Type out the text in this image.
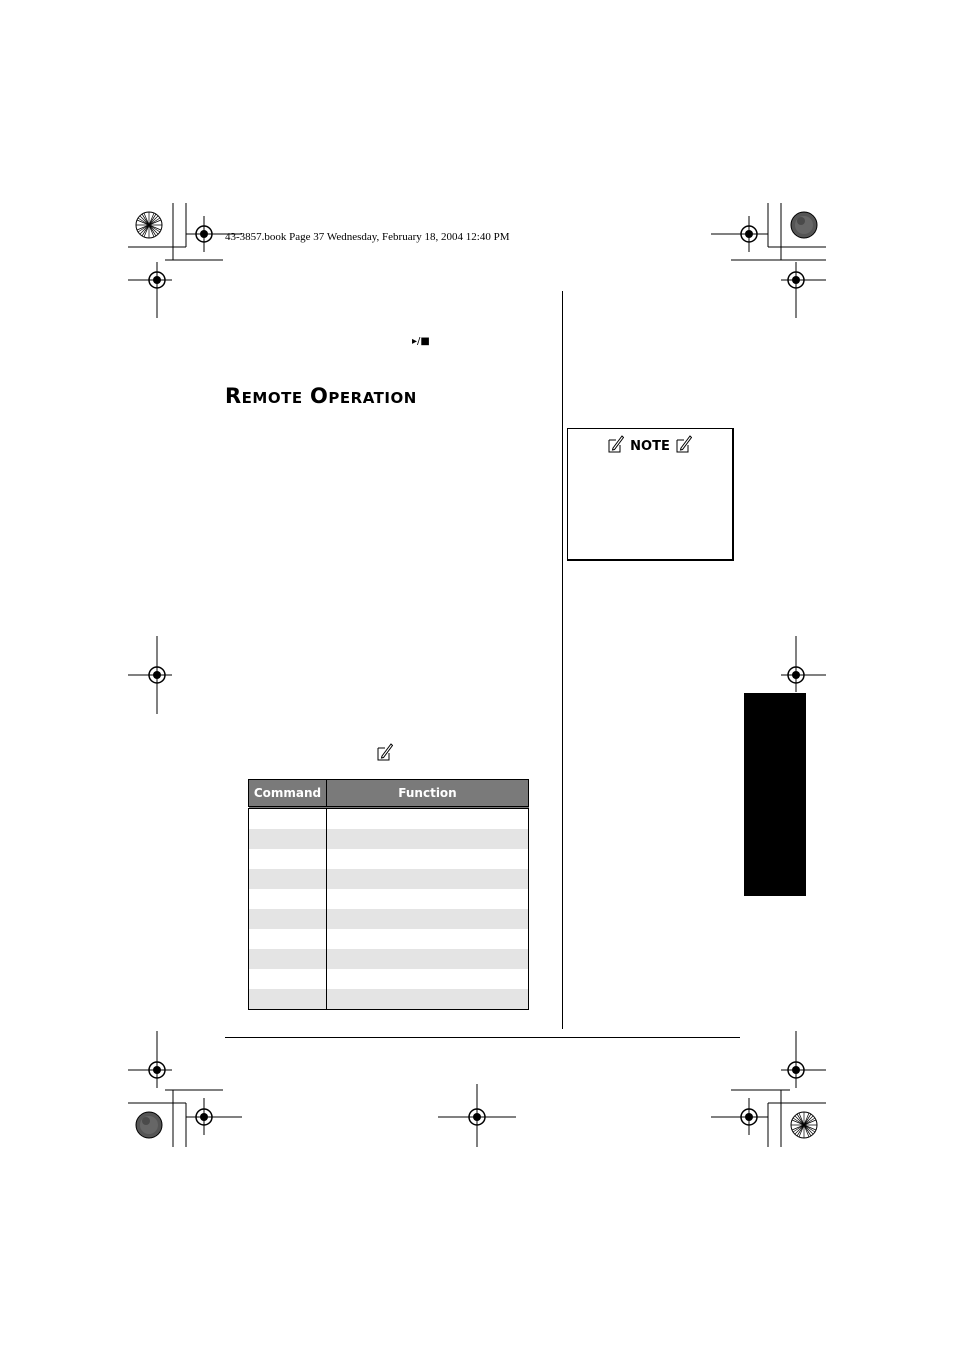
43-3857.book Page 37 Wednesday, February 18, 2004 12:40 PM
▸/■
REMOTE OPERATION
NOTE
Command	Function
